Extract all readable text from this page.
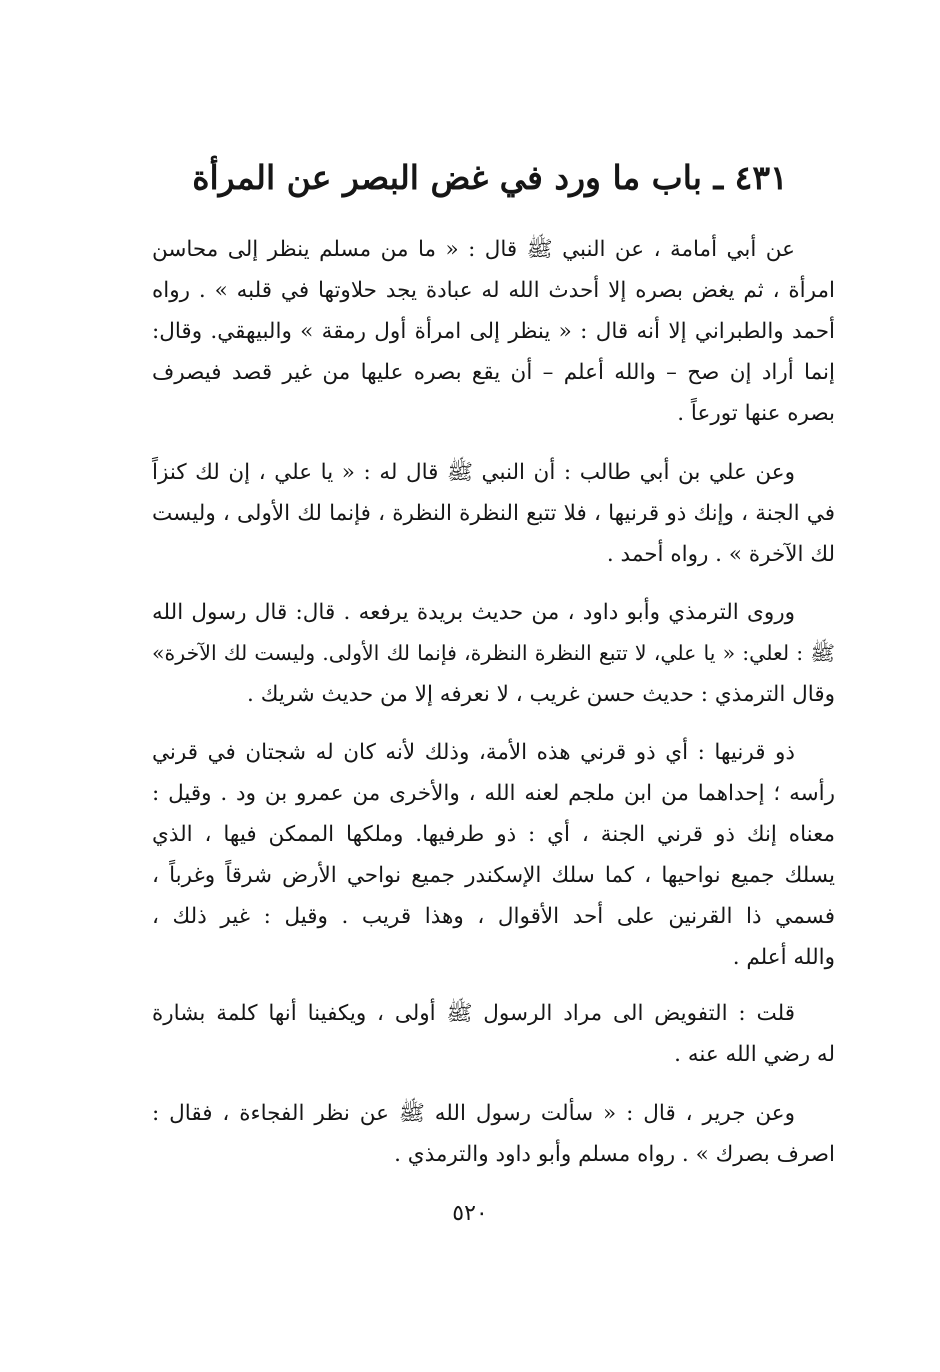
٤٣١ ـ باب ما ورد في غض البصر عن المرأة
عن أبي أمامة ، عن النبي ﷺ قال : « ما من مسلم ينظر إلى محاسن
امرأة ، ثم يغض بصره إلا أحدث الله له عبادة يجد حلاوتها في قلبه » . رواه
أحمد والطبراني إلا أنه قال : « ينظر إلى امرأة أول رمقة » والبيهقي. وقال:
إنما أراد إن صح – والله أعلم – أن يقع بصره عليها من غير قصد فيصرف
بصره عنها تورعاً .
وعن علي بن أبي طالب : أن النبي ﷺ قال له : « يا علي ، إن لك كنزاً
في الجنة ، وإنك ذو قرنيها ، فلا تتبع النظرة النظرة ، فإنما لك الأولى ، وليست
لك الآخرة » . رواه أحمد .
وروى الترمذي وأبو داود ، من حديث بريدة يرفعه . قال: قال رسول الله
ﷺ : لعلي: « يا علي، لا تتبع النظرة النظرة، فإنما لك الأولى. وليست لك الآخرة»
وقال الترمذي : حديث حسن غريب ، لا نعرفه إلا من حديث شريك .
ذو قرنيها : أي ذو قرني هذه الأمة، وذلك لأنه كان له شجتان في قرني
رأسه ؛ إحداهما من ابن ملجم لعنه الله ، والأخرى من عمرو بن ود . وقيل :
معناه إنك ذو قرني الجنة ، أي : ذو طرفيها. وملكها الممكن فيها ، الذي
يسلك جميع نواحيها ، كما سلك الإسكندر جميع نواحي الأرض شرقاً وغرباً ،
فسمي ذا القرنين على أحد الأقوال ، وهذا قريب . وقيل : غير ذلك ،
والله أعلم .
قلت : التفويض الى مراد الرسول ﷺ أولى ، ويكفينا أنها كلمة بشارة
له رضي الله عنه .
وعن جرير ، قال : « سألت رسول الله ﷺ عن نظر الفجاءة ، فقال :
اصرف بصرك » . رواه مسلم وأبو داود والترمذي .
٥٢٠
